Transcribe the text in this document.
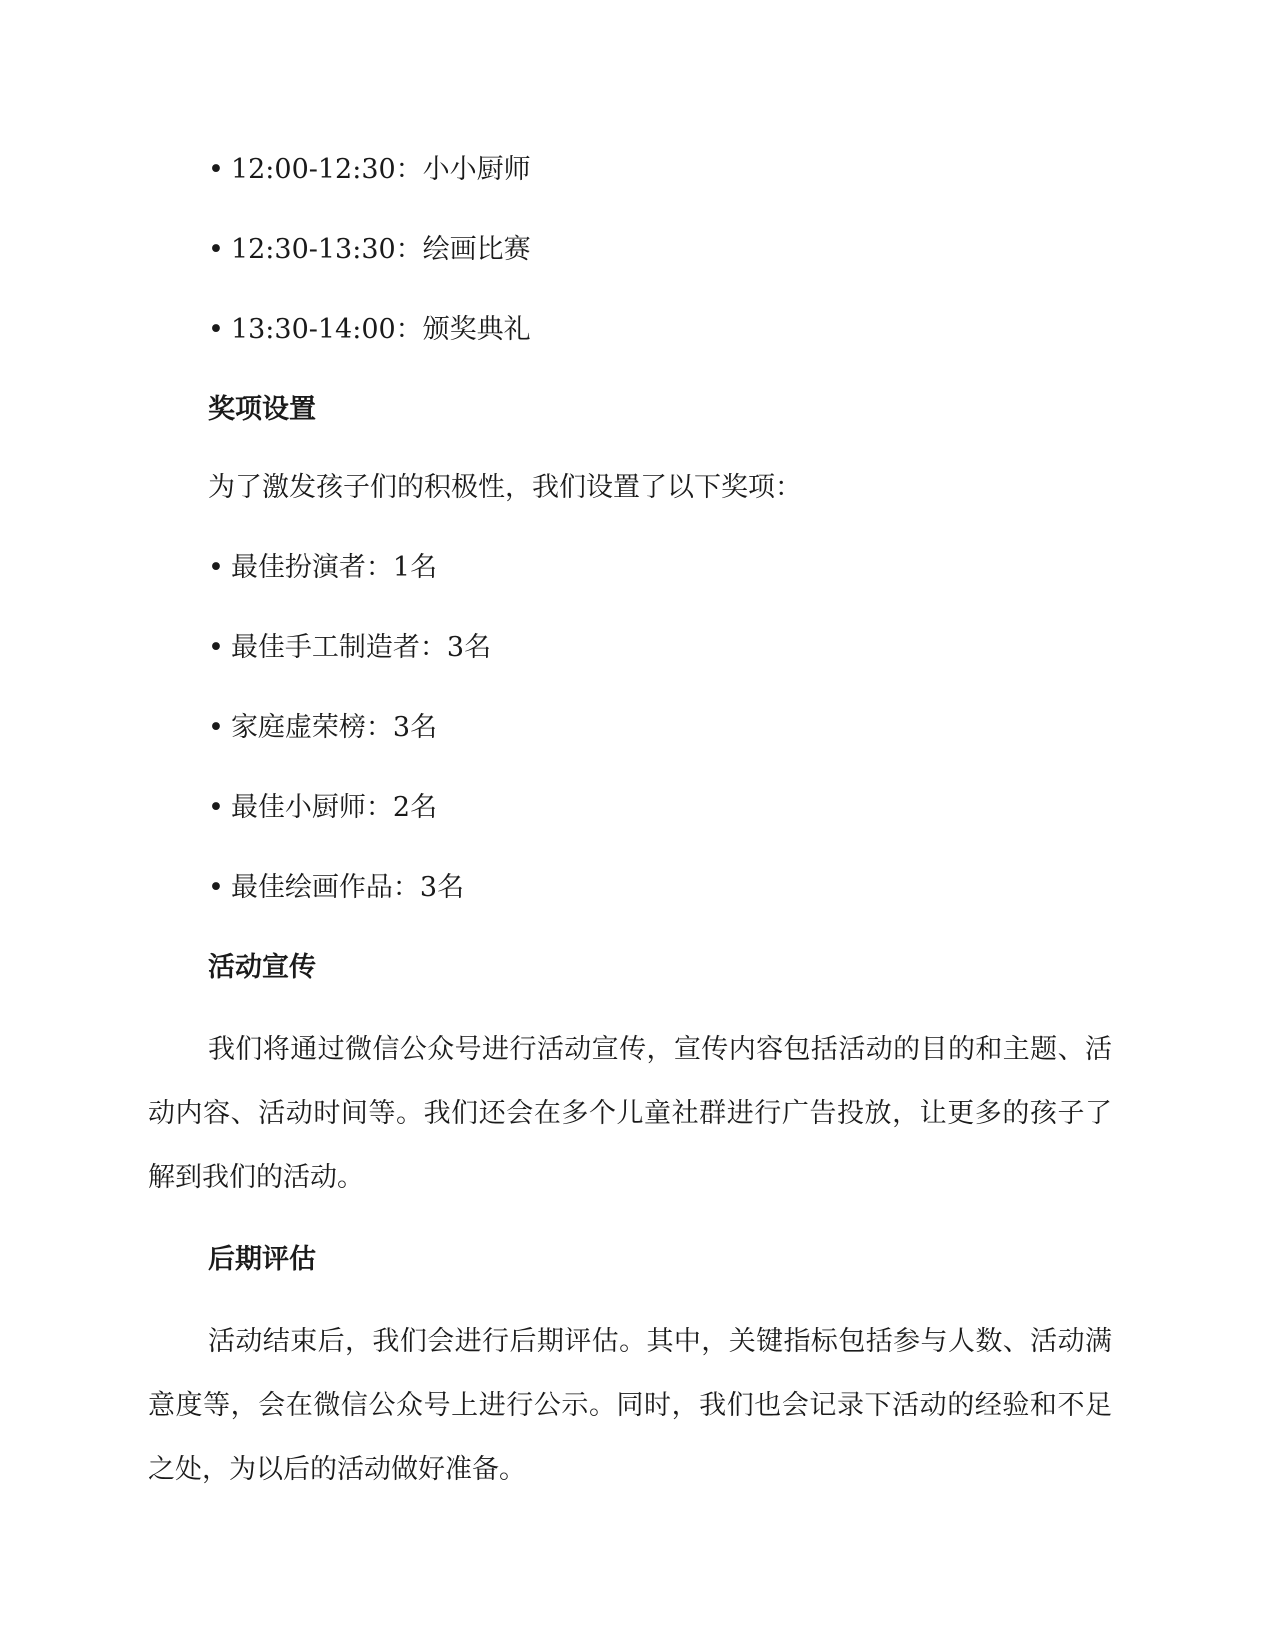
• 12:00-12:30：小小厨师
• 12:30-13:30：绘画比赛
• 13:30-14:00：颁奖典礼
奖项设置
为了激发孩子们的积极性，我们设置了以下奖项：
• 最佳扮演者：1名
• 最佳手工制造者：3名
• 家庭虚荣榜：3名
• 最佳小厨师：2名
• 最佳绘画作品：3名
活动宣传
我们将通过微信公众号进行活动宣传，宣传内容包括活动的目的和主题、活动内容、活动时间等。我们还会在多个儿童社群进行广告投放，让更多的孩子了解到我们的活动。
后期评估
活动结束后，我们会进行后期评估。其中，关键指标包括参与人数、活动满意度等，会在微信公众号上进行公示。同时，我们也会记录下活动的经验和不足之处，为以后的活动做好准备。
